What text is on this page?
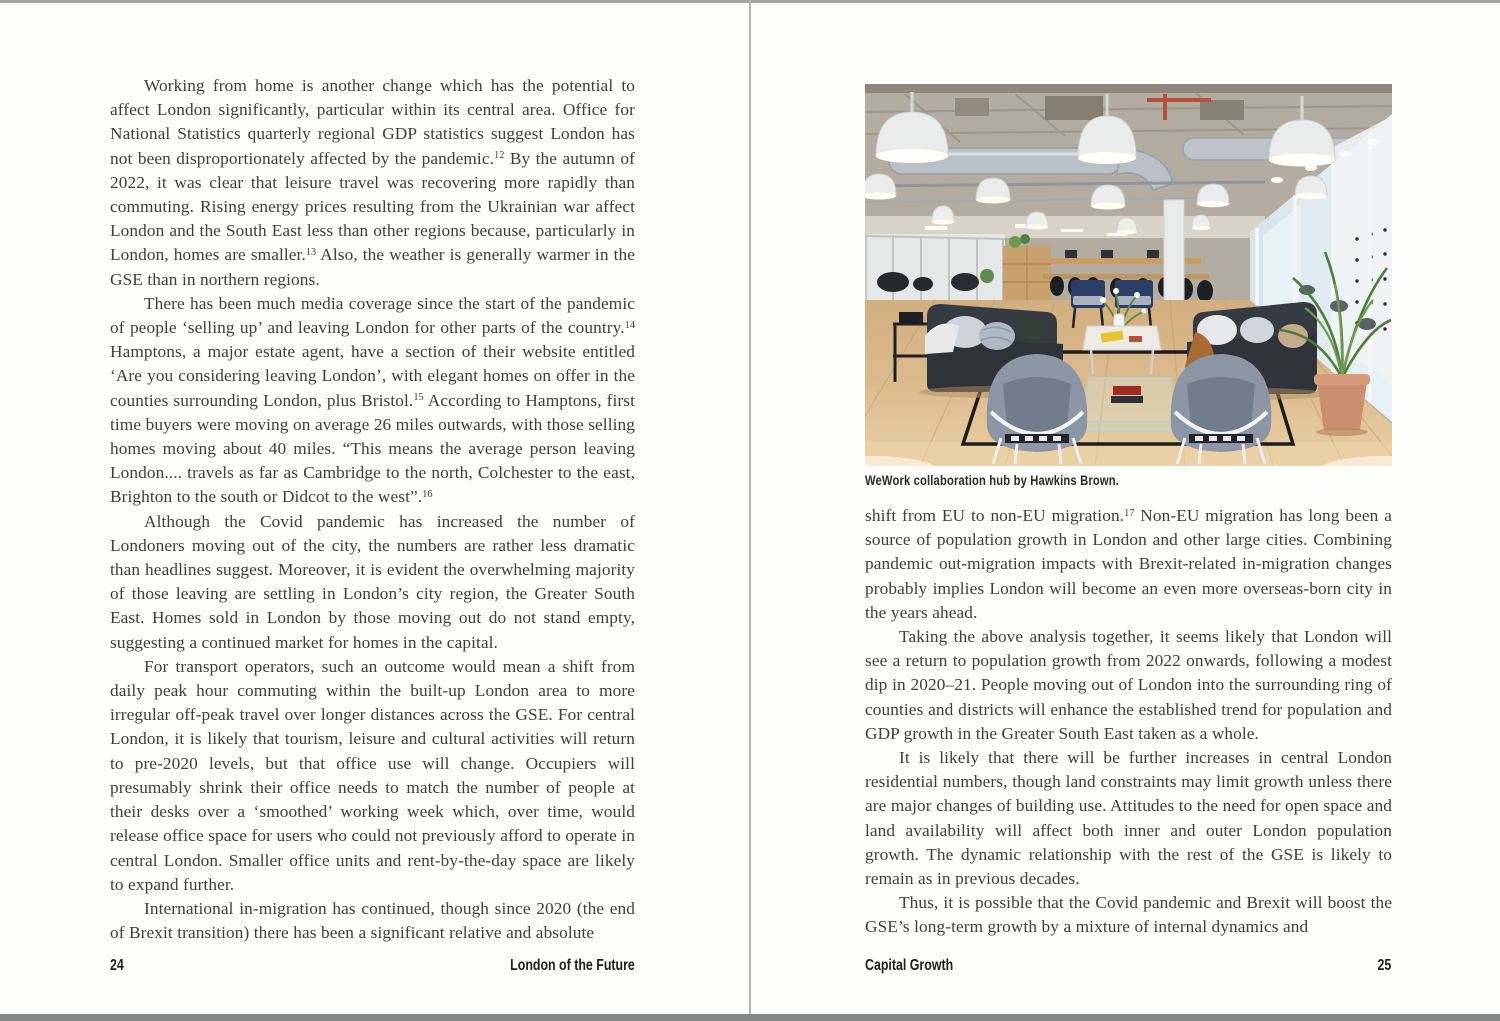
Working from home is another change which has the potential to affect London significantly, particular within its central area. Office for National Statistics quarterly regional GDP statistics suggest London has not been disproportionately affected by the pandemic.$^{12}$ By the autumn of 2022, it was clear that leisure travel was recovering more rapidly than commuting. Rising energy prices resulting from the Ukrainian war affect London and the South East less than other regions because, particularly in London, homes are smaller.$^{13}$ Also, the weather is generally warmer in the GSE than in northern regions.

There has been much media coverage since the start of the pandemic of people ‘selling up’ and leaving London for other parts of the country.$^{14}$ Hamptons, a major estate agent, have a section of their website entitled ‘Are you considering leaving London’, with elegant homes on offer in the counties surrounding London, plus Bristol.$^{15}$ According to Hamptons, first time buyers were moving on average 26 miles outwards, with those selling homes moving about 40 miles. “This means the average person leaving London.... travels as far as Cambridge to the north, Colchester to the east, Brighton to the south or Didcot to the west”.$^{16}$

Although the Covid pandemic has increased the number of Londoners moving out of the city, the numbers are rather less dramatic than headlines suggest. Moreover, it is evident the overwhelming majority of those leaving are settling in London’s city region, the Greater South East. Homes sold in London by those moving out do not stand empty, suggesting a continued market for homes in the capital.

For transport operators, such an outcome would mean a shift from daily peak hour commuting within the built-up London area to more irregular off-peak travel over longer distances across the GSE. For central London, it is likely that tourism, leisure and cultural activities will return to pre-2020 levels, but that office use will change. Occupiers will presumably shrink their office needs to match the number of people at their desks over a ‘smoothed’ working week which, over time, would release office space for users who could not previously afford to operate in central London. Smaller office units and rent-by-the-day space are likely to expand further.

International in-migration has continued, though since 2020 (the end of Brexit transition) there has been a significant relative and absolute

24	London of the Future
WeWork collaboration hub by Hawkins Brown.

shift from EU to non-EU migration.$^{17}$ Non-EU migration has long been a source of population growth in London and other large cities. Combining pandemic out-migration impacts with Brexit-related in-migration changes probably implies London will become an even more overseas-born city in the years ahead.

Taking the above analysis together, it seems likely that London will see a return to population growth from 2022 onwards, following a modest dip in 2020–21. People moving out of London into the surrounding ring of counties and districts will enhance the established trend for population and GDP growth in the Greater South East taken as a whole.

It is likely that there will be further increases in central London residential numbers, though land constraints may limit growth unless there are major changes of building use. Attitudes to the need for open space and land availability will affect both inner and outer London population growth. The dynamic relationship with the rest of the GSE is likely to remain as in previous decades.

Thus, it is possible that the Covid pandemic and Brexit will boost the GSE’s long-term growth by a mixture of internal dynamics and

Capital Growth	25
